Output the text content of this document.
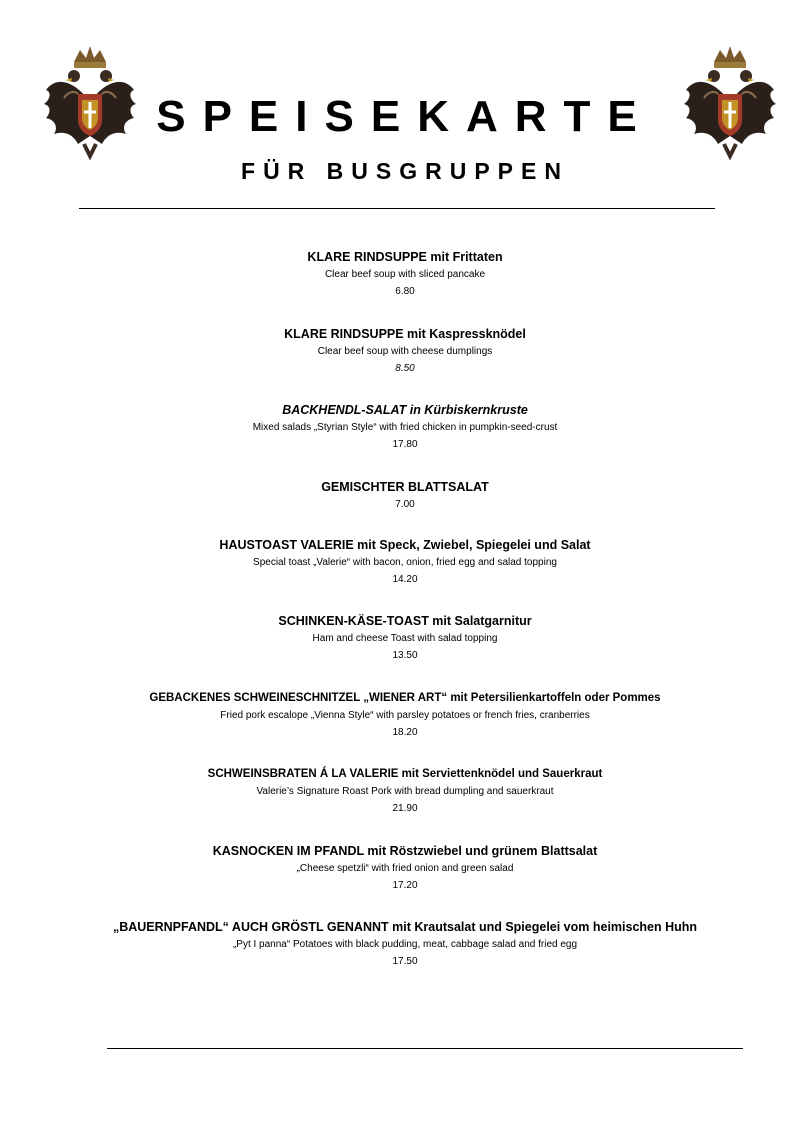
SPEISEKARTE
FÜR BUSGRUPPEN
KLARE RINDSUPPE mit Frittaten
Clear beef soup with sliced pancake
6.80
KLARE RINDSUPPE mit Kaspressknödel
Clear beef soup with cheese dumplings
8.50
BACKHENDL-SALAT in Kürbiskernkruste
Mixed salads „Styrian Style“ with fried chicken in pumpkin-seed-crust
17.80
GEMISCHTER BLATTSALAT
7.00
HAUSTOAST VALERIE mit Speck, Zwiebel, Spiegelei und Salat
Special toast „Valerie“ with bacon, onion, fried egg and salad topping
14.20
SCHINKEN-KÄSE-TOAST mit Salatgarnitur
Ham and cheese Toast with salad topping
13.50
GEBACKENES SCHWEINESCHNITZEL „WIENER ART“ mit Petersilienkartoffeln oder Pommes
Fried pork escalope „Vienna Style“ with parsley potatoes or french fries, cranberries
18.20
SCHWEINSBRATEN Á LA VALERIE mit Serviettenknödel und Sauerkraut
Valerie’s Signature Roast Pork with bread dumpling and sauerkraut
21.90
KASNOCKEN IM PFANDL mit Röstzwiebel und grünem Blattsalat
„Cheese spetzli“ with fried onion and green salad
17.20
„BAUERNPFANDL“ AUCH GRÖSTL GENANNT mit Krautsalat und Spiegelei vom heimischen Huhn
„Pyt I panna“ Potatoes with black pudding, meat, cabbage salad and fried egg
17.50
